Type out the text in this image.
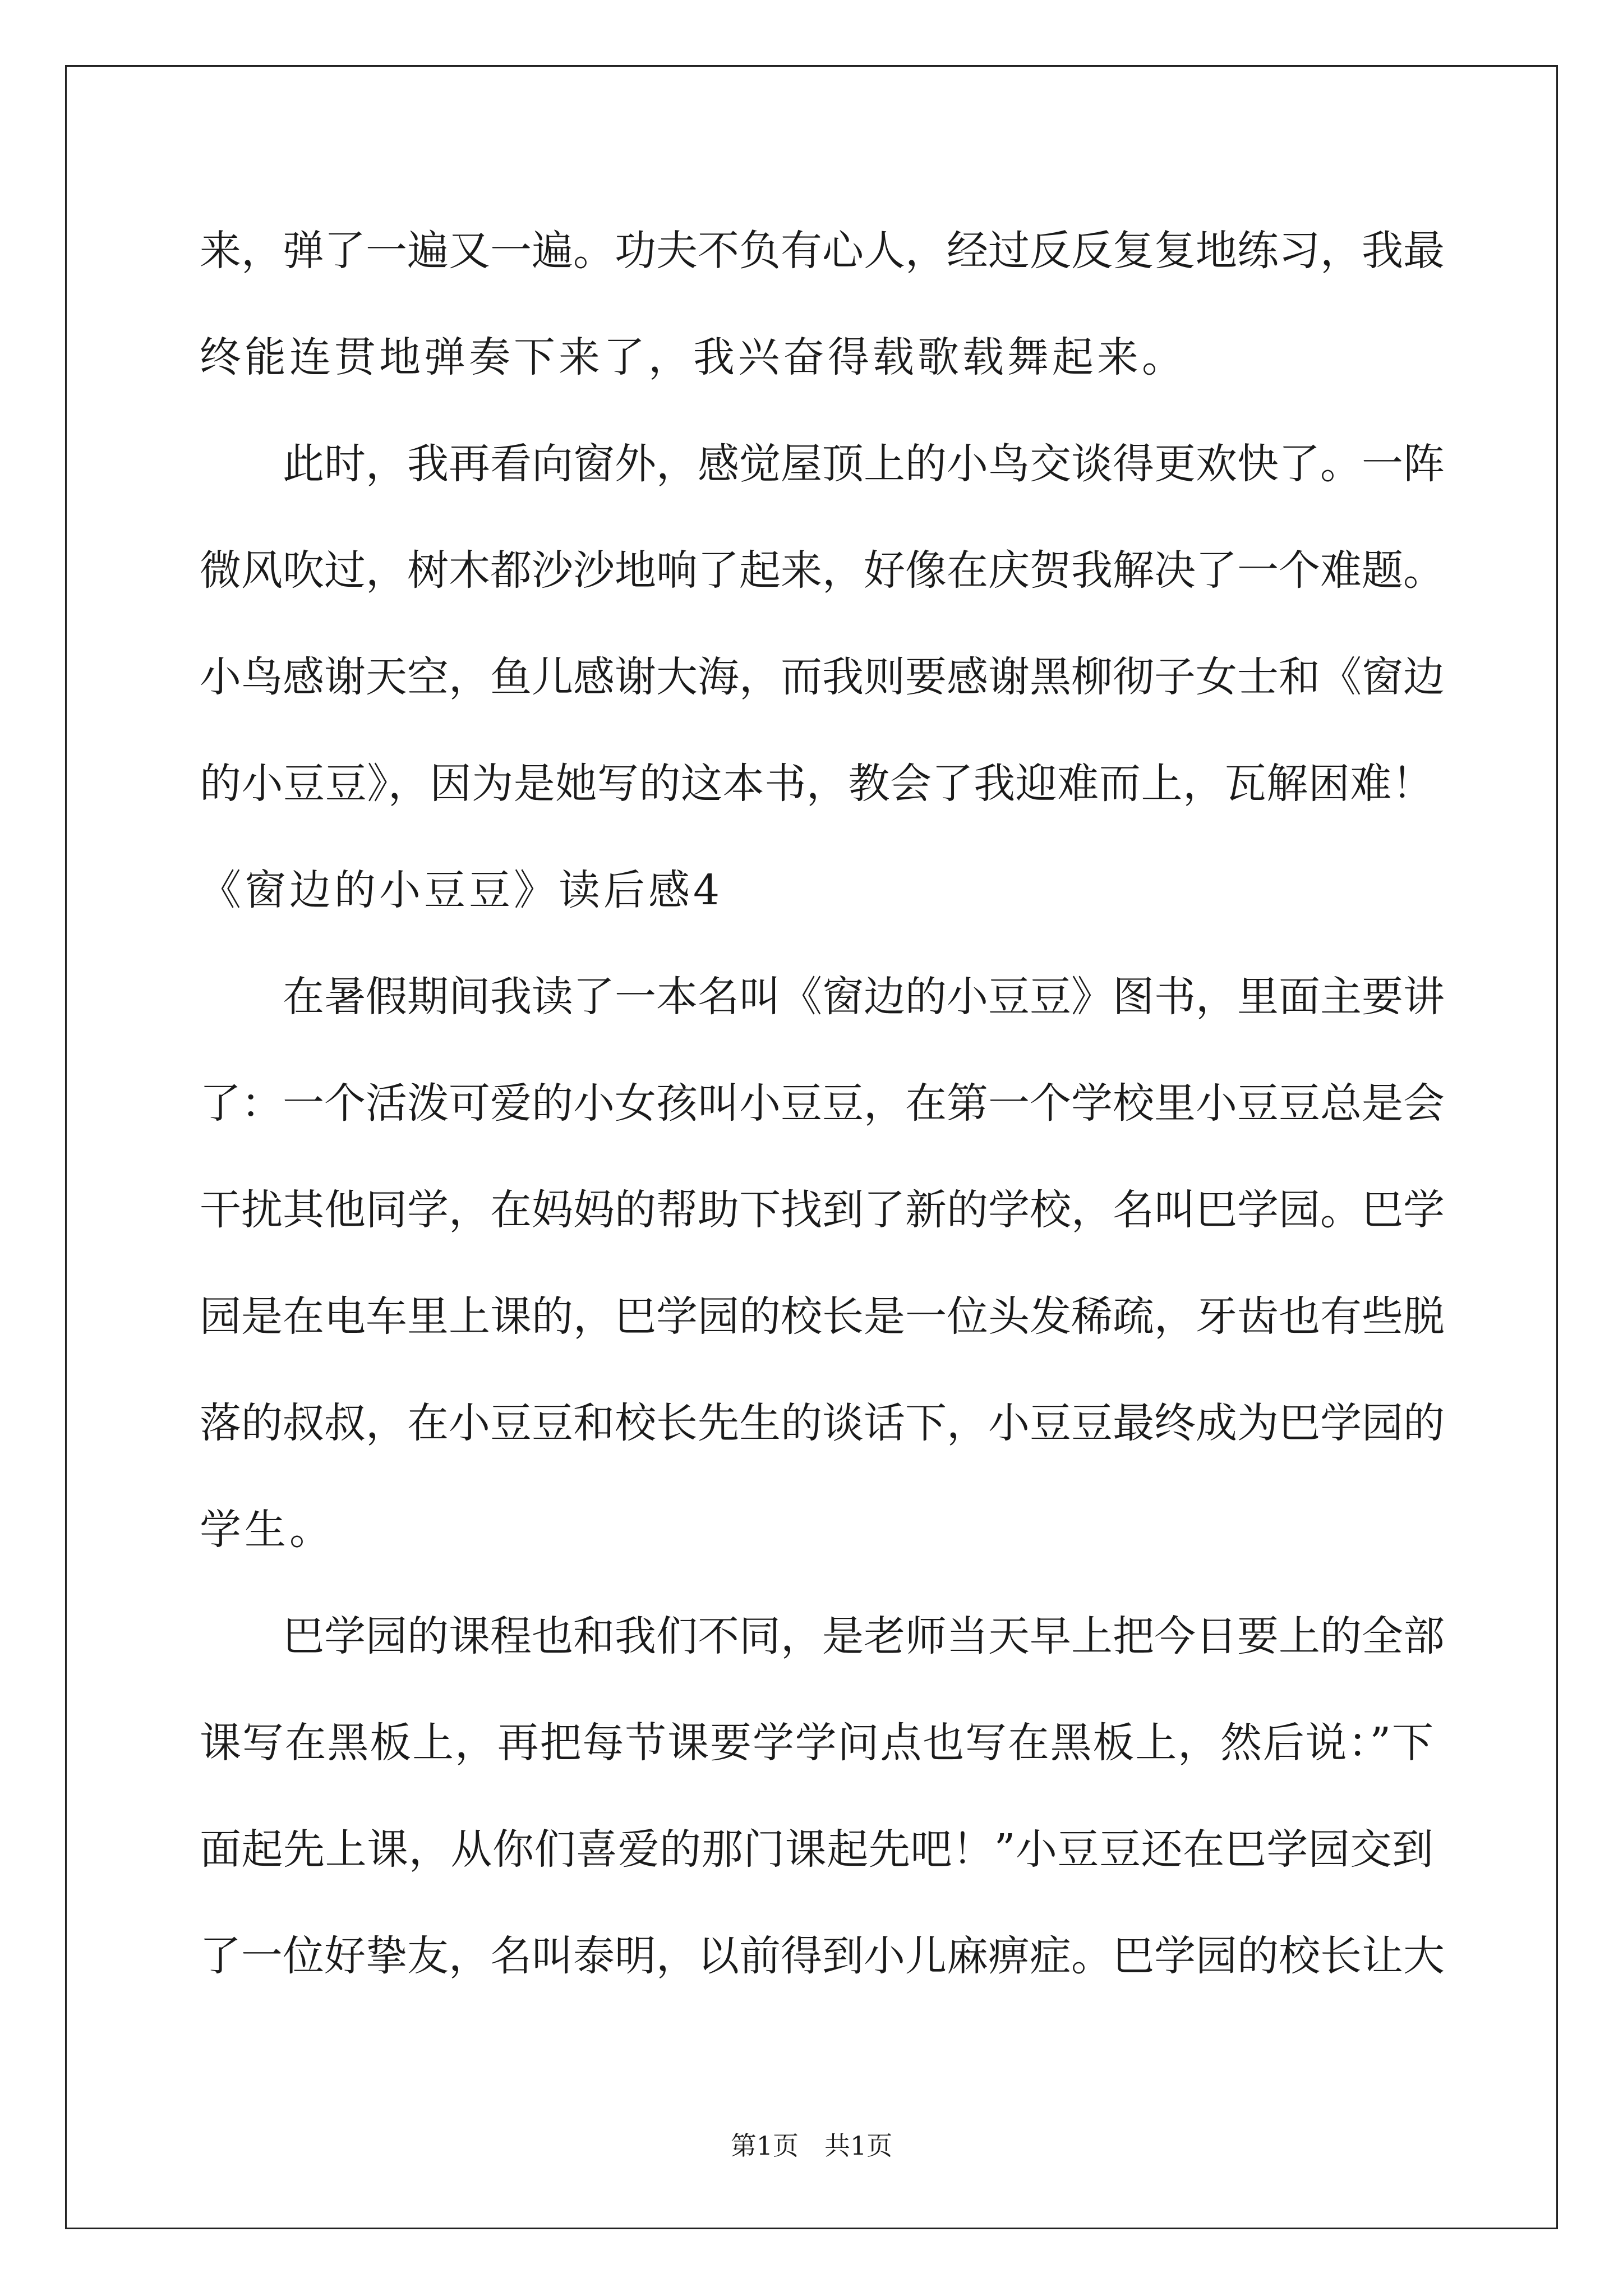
来，弹了一遍又一遍。功夫不负有心人，经过反反复复地练习，我最
终能连贯地弹奏下来了，我兴奋得载歌载舞起来。
　　此时，我再看向窗外，感觉屋顶上的小鸟交谈得更欢快了。一阵
微风吹过，树木都沙沙地响了起来，好像在庆贺我解决了一个难题。
小鸟感谢天空，鱼儿感谢大海，而我则要感谢黑柳彻子女士和《窗边
的小豆豆》，因为是她写的这本书，教会了我迎难而上，瓦解困难！
《窗边的小豆豆》读后感4
　　在暑假期间我读了一本名叫《窗边的小豆豆》图书，里面主要讲
了：一个活泼可爱的小女孩叫小豆豆，在第一个学校里小豆豆总是会
干扰其他同学，在妈妈的帮助下找到了新的学校，名叫巴学园。巴学
园是在电车里上课的，巴学园的校长是一位头发稀疏，牙齿也有些脱
落的叔叔，在小豆豆和校长先生的谈话下，小豆豆最终成为巴学园的
学生。
　　巴学园的课程也和我们不同，是老师当天早上把今日要上的全部
课写在黑板上，再把每节课要学学问点也写在黑板上，然后说：”下
面起先上课，从你们喜爱的那门课起先吧！”小豆豆还在巴学园交到
了一位好挚友，名叫泰明，以前得到小儿麻痹症。巴学园的校长让大
第1页　共1页
